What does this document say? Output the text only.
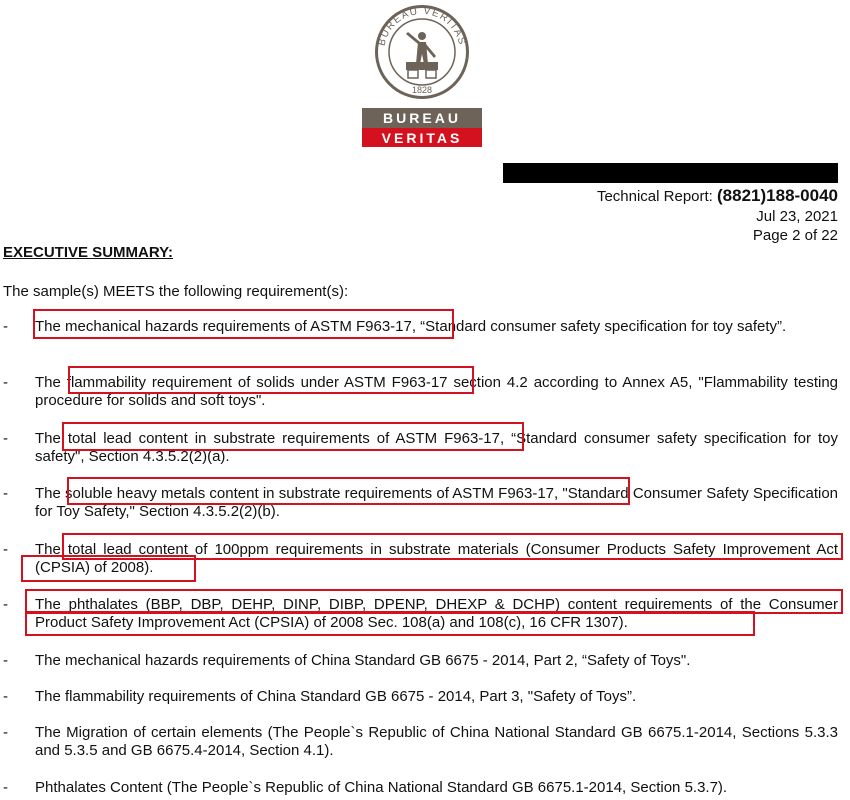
BUREAU VERITAS
1828
BUREAU
VERITAS
Technical Report: (8821)188-0040
Jul 23, 2021
Page 2 of 22
EXECUTIVE SUMMARY:
The sample(s) MEETS the following requirement(s):
- The mechanical hazards requirements of ASTM F963-17, “Standard consumer safety specification for toy safety”.
- The flammability requirement of solids under ASTM F963-17 section 4.2 according to Annex A5, "Flammability testing procedure for solids and soft toys".
- The total lead content in substrate requirements of ASTM F963-17, “Standard consumer safety specification for toy safety", Section 4.3.5.2(2)(a).
- The soluble heavy metals content in substrate requirements of ASTM F963-17, "Standard Consumer Safety Specification for Toy Safety," Section 4.3.5.2(2)(b).
- The total lead content of 100ppm requirements in substrate materials (Consumer Products Safety Improvement Act (CPSIA) of 2008).
- The phthalates (BBP, DBP, DEHP, DINP, DIBP, DPENP, DHEXP & DCHP) content requirements of the Consumer Product Safety Improvement Act (CPSIA) of 2008 Sec. 108(a) and 108(c), 16 CFR 1307).
- The mechanical hazards requirements of China Standard GB 6675 - 2014, Part 2, “Safety of Toys".
- The flammability requirements of China Standard GB 6675 - 2014, Part 3, "Safety of Toys”.
- The Migration of certain elements (The People`s Republic of China National Standard GB 6675.1-2014, Sections 5.3.3 and 5.3.5 and GB 6675.4-2014, Section 4.1).
- Phthalates Content (The People`s Republic of China National Standard GB 6675.1-2014, Section 5.3.7).
